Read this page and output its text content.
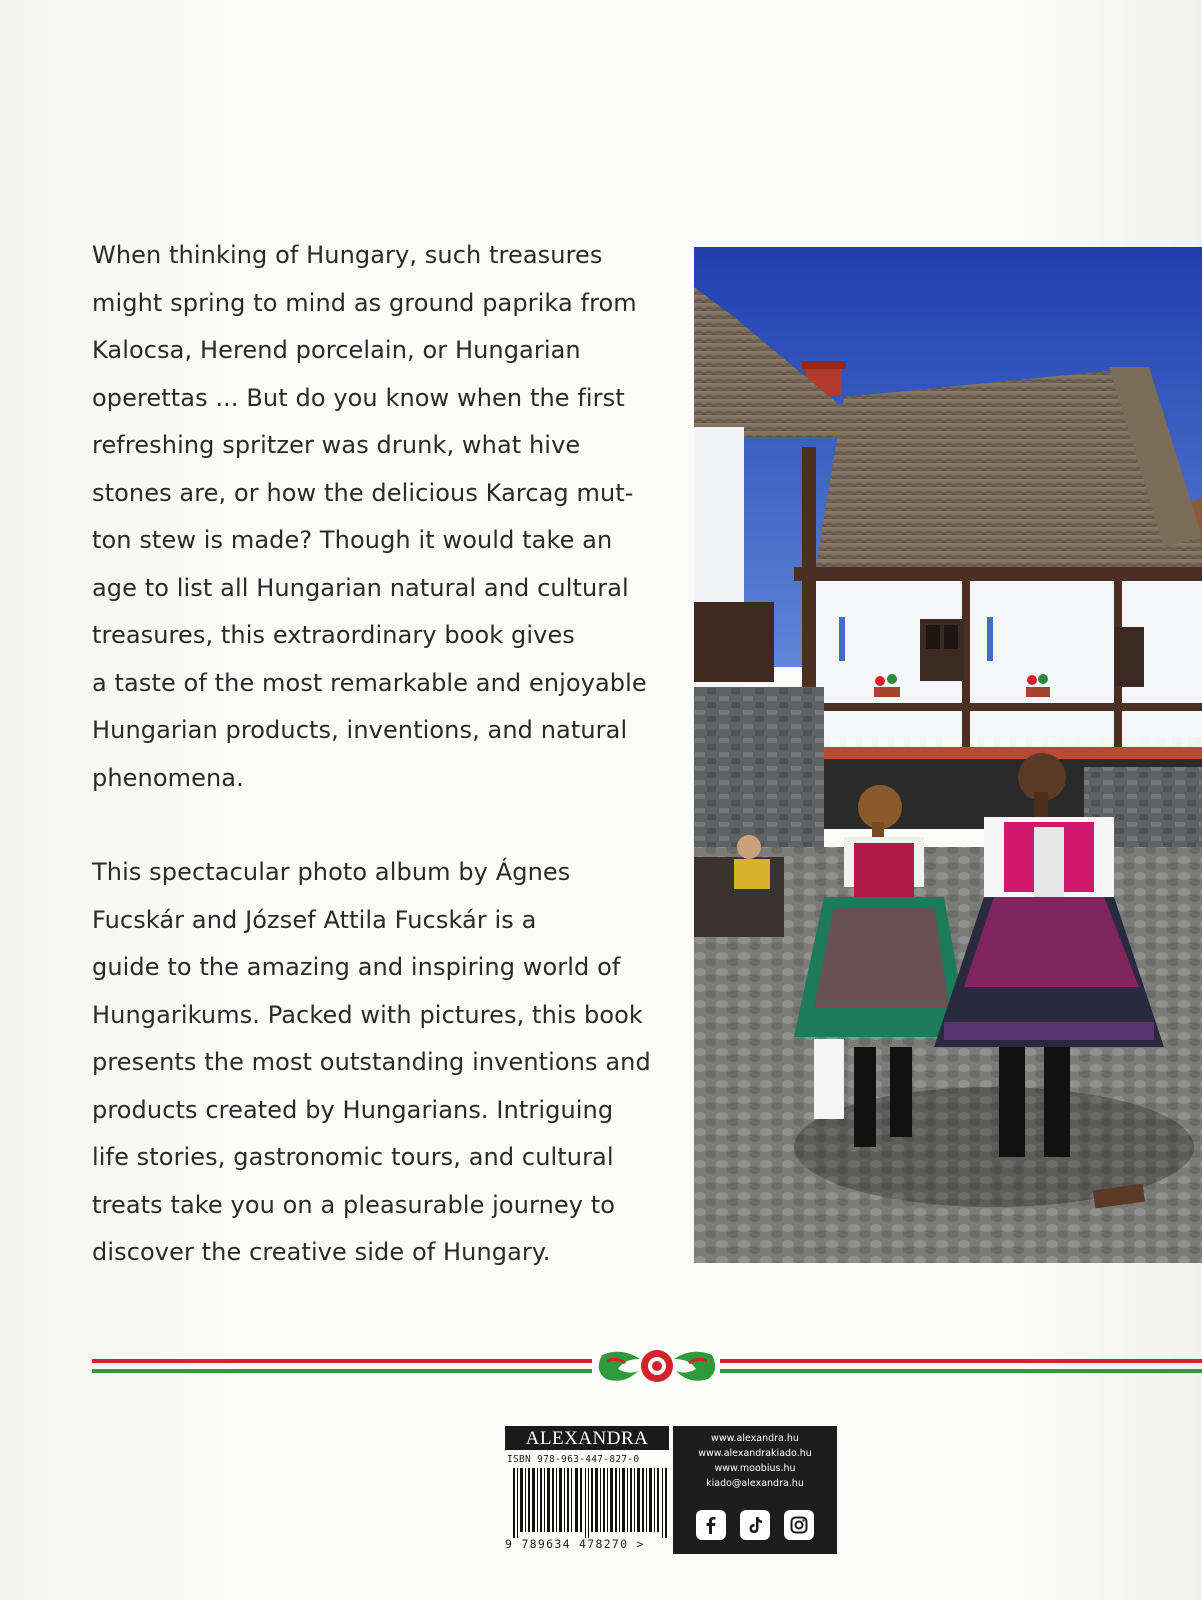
When thinking of Hungary, such treasures
might spring to mind as ground paprika from
Kalocsa, Herend porcelain, or Hungarian
operettas ... But do you know when the first
refreshing spritzer was drunk, what hive
stones are, or how the delicious Karcag mut-
ton stew is made? Though it would take an
age to list all Hungarian natural and cultural
treasures, this extraordinary book gives
a taste of the most remarkable and enjoyable
Hungarian products, inventions, and natural
phenomena.

This spectacular photo album by Ágnes
Fucskár and József Attila Fucskár is a
guide to the amazing and inspiring world of
Hungarikums. Packed with pictures, this book
presents the most outstanding inventions and
products created by Hungarians. Intriguing
life stories, gastronomic tours, and cultural
treats take you on a pleasurable journey to
discover the creative side of Hungary.

ALEXANDRA
ISBN 978-963-447-827-0
9 789634 478270 >
www.alexandra.hu
www.alexandrakiado.hu
www.moobius.hu
kiado@alexandra.hu
